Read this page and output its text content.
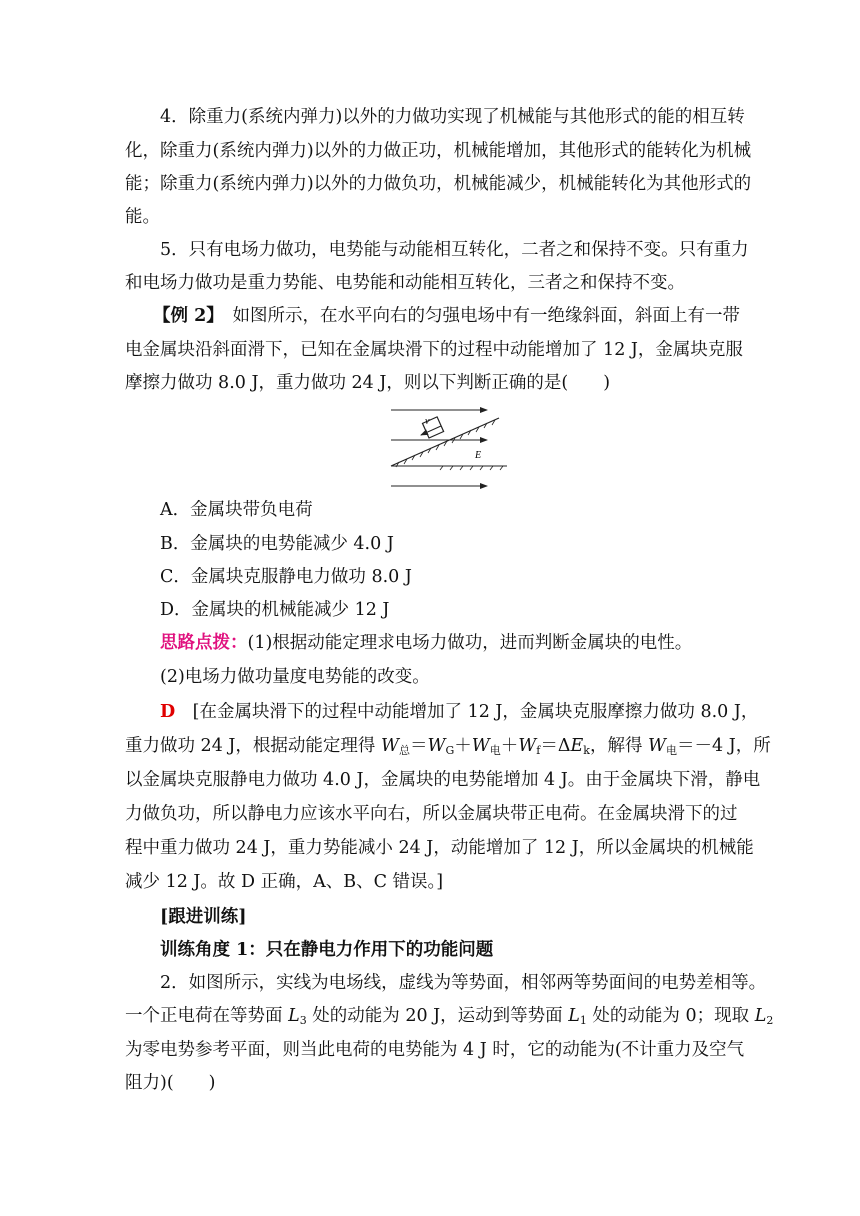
4．除重力(系统内弹力)以外的力做功实现了机械能与其他形式的能的相互转
化，除重力(系统内弹力)以外的力做正功，机械能增加，其他形式的能转化为机械
能；除重力(系统内弹力)以外的力做负功，机械能减少，机械能转化为其他形式的
能。
5．只有电场力做功，电势能与动能相互转化，二者之和保持不变。只有重力
和电场力做功是重力势能、电势能和动能相互转化，三者之和保持不变。
【例 2】　如图所示，在水平向右的匀强电场中有一绝缘斜面，斜面上有一带
电金属块沿斜面滑下，已知在金属块滑下的过程中动能增加了 12 J，金属块克服
摩擦力做功 8.0 J，重力做功 24 J，则以下判断正确的是(　　)
v
E
A．金属块带负电荷
B．金属块的电势能减少 4.0 J
C．金属块克服静电力做功 8.0 J
D．金属块的机械能减少 12 J
思路点拨：(1)根据动能定理求电场力做功，进而判断金属块的电性。
(2)电场力做功量度电势能的改变。
D　[在金属块滑下的过程中动能增加了 12 J，金属块克服摩擦力做功 8.0 J，
重力做功 24 J，根据动能定理得 $W_总=W_G+W_电+W_f=\Delta E_k$，解得 $W_电=-4$ J，所
以金属块克服静电力做功 4.0 J，金属块的电势能增加 4 J。由于金属块下滑，静电
力做负功，所以静电力应该水平向右，所以金属块带正电荷。在金属块滑下的过
程中重力做功 24 J，重力势能减小 24 J，动能增加了 12 J，所以金属块的机械能
减少 12 J。故 D 正确，A、B、C 错误。]
[跟进训练]
训练角度 1：只在静电力作用下的功能问题
2．如图所示，实线为电场线，虚线为等势面，相邻两等势面间的电势差相等。
一个正电荷在等势面 $L_3$ 处的动能为 20 J，运动到等势面 $L_1$ 处的动能为 0；现取 $L_2$
为零电势参考平面，则当此电荷的电势能为 4 J 时，它的动能为(不计重力及空气
阻力)(　　)
